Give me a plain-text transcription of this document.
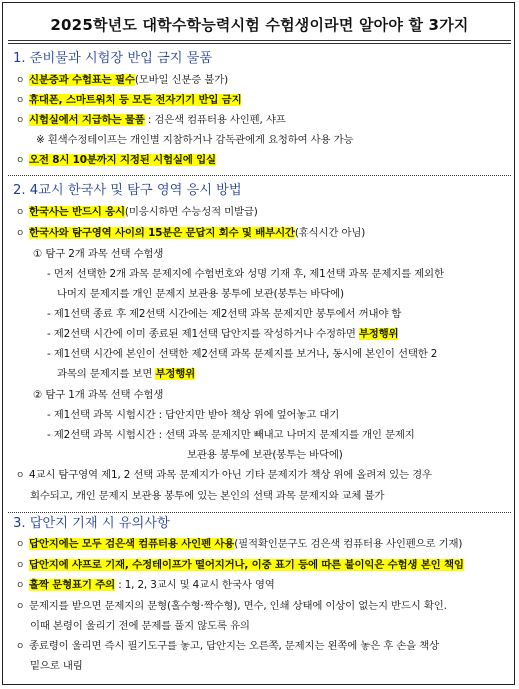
2025학년도 대학수학능력시험 수험생이라면 알아야 할 3가지
1. 준비물과 시험장 반입 금지 물품
ㅇ 신분증과 수험표는 필수(모바일 신분증 불가)
ㅇ 휴대폰, 스마트워치 등 모든 전자기기 반입 금지
ㅇ 시험실에서 지급하는 물품 : 검은색 컴퓨터용 사인펜, 샤프
※ 흰색수정테이프는 개인별 지참하거나 감독관에게 요청하여 사용 가능
ㅇ 오전 8시 10분까지 지정된 시험실에 입실
2. 4교시 한국사 및 탐구 영역 응시 방법
ㅇ 한국사는 반드시 응시(미응시하면 수능성적 미발급)
ㅇ 한국사와 탐구영역 사이의 15분은 문답지 회수 및 배부시간(휴식시간 아님)
① 탐구 2개 과목 선택 수험생
- 먼저 선택한 2개 과목 문제지에 수험번호와 성명 기재 후, 제1선택 과목 문제지를 제외한
나머지 문제지를 개인 문제지 보관용 봉투에 보관(봉투는 바닥에)
- 제1선택 종료 후 제2선택 시간에는 제2선택 과목 문제지만 봉투에서 꺼내야 함
- 제2선택 시간에 이미 종료된 제1선택 답안지를 작성하거나 수정하면 부정행위
- 제1선택 시간에 본인이 선택한 제2선택 과목 문제지를 보거나, 동시에 본인이 선택한 2
과목의 문제지를 보면 부정행위
② 탐구 1개 과목 선택 수험생
- 제1선택 과목 시험시간 : 답안지만 받아 책상 위에 엎어놓고 대기
- 제2선택 과목 시험시간 : 선택 과목 문제지만 빼내고 나머지 문제지를 개인 문제지
보관용 봉투에 보관(봉투는 바닥에)
ㅇ 4교시 탐구영역 제1, 2 선택 과목 문제지가 아닌 기타 문제지가 책상 위에 올려져 있는 경우
회수되고, 개인 문제지 보관용 봉투에 있는 본인의 선택 과목 문제지와 교체 불가
3. 답안지 기재 시 유의사항
ㅇ 답안지에는 모두 검은색 컴퓨터용 사인펜 사용(필적확인문구도 검은색 컴퓨터용 사인펜으로 기재)
ㅇ 답안지에 샤프로 기재, 수정테이프가 떨어지거나, 이중 표기 등에 따른 불이익은 수험생 본인 책임
ㅇ 홀짝 문형표기 주의 : 1, 2, 3교시 및 4교시 한국사 영역
ㅇ 문제지를 받으면 문제지의 문형(홀수형·짝수형), 면수, 인쇄 상태에 이상이 없는지 반드시 확인.
이때 본령이 울리기 전에 문제를 풀지 않도록 유의
ㅇ 종료령이 울리면 즉시 필기도구를 놓고, 답안지는 오른쪽, 문제지는 왼쪽에 놓은 후 손을 책상
밑으로 내림
